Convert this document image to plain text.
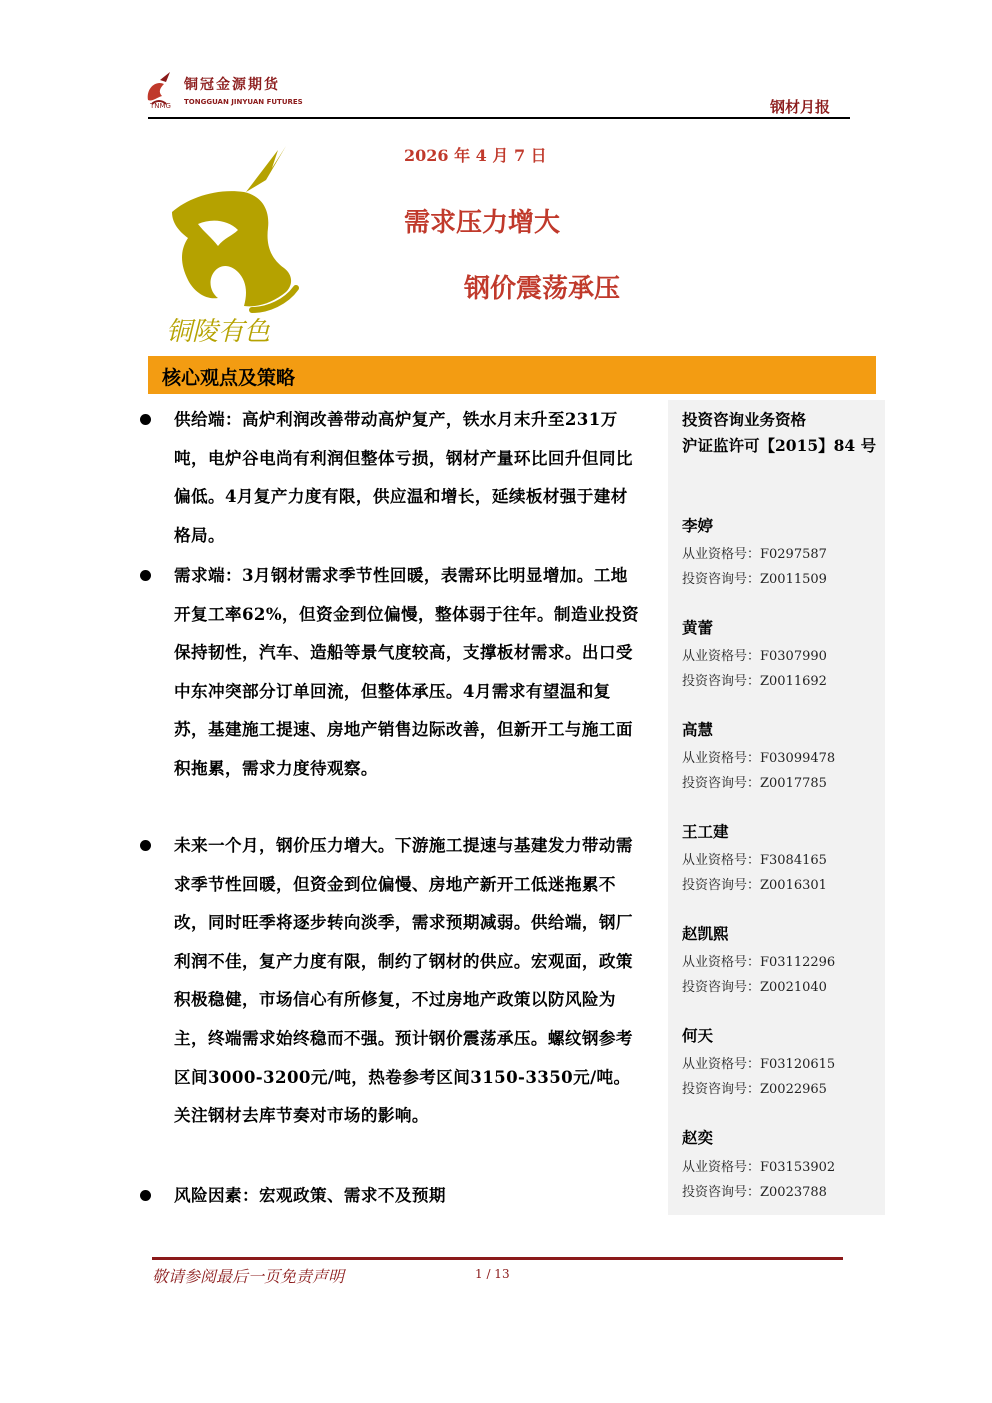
铜冠金源期货
TONGGUAN JINYUAN FUTURES
TNMG	钢材月报
铜陵有色
2026 年 4 月 7 日
需求压力增大
钢价震荡承压
核心观点及策略
供给端：高炉利润改善带动高炉复产，铁水月末升至231万吨，电炉谷电尚有利润但整体亏损，钢材产量环比回升但同比偏低。4月复产力度有限，供应温和增长，延续板材强于建材格局。
需求端：3月钢材需求季节性回暖，表需环比明显增加。工地开复工率62%，但资金到位偏慢，整体弱于往年。制造业投资保持韧性，汽车、造船等景气度较高，支撑板材需求。出口受中东冲突部分订单回流，但整体承压。4月需求有望温和复苏，基建施工提速、房地产销售边际改善，但新开工与施工面积拖累，需求力度待观察。
未来一个月，钢价压力增大。下游施工提速与基建发力带动需求季节性回暖，但资金到位偏慢、房地产新开工低迷拖累不改，同时旺季将逐步转向淡季，需求预期减弱。供给端，钢厂利润不佳，复产力度有限，制约了钢材的供应。宏观面，政策积极稳健，市场信心有所修复，不过房地产政策以防风险为主，终端需求始终稳而不强。预计钢价震荡承压。螺纹钢参考区间3000-3200元/吨，热卷参考区间3150-3350元/吨。关注钢材去库节奏对市场的影响。
风险因素：宏观政策、需求不及预期
投资咨询业务资格
沪证监许可【2015】84 号
李婷
从业资格号：F0297587
投资咨询号：Z0011509
黄蕾
从业资格号：F0307990
投资咨询号：Z0011692
高慧
从业资格号：F03099478
投资咨询号：Z0017785
王工建
从业资格号：F3084165
投资咨询号：Z0016301
赵凯熙
从业资格号：F03112296
投资咨询号：Z0021040
何天
从业资格号：F03120615
投资咨询号：Z0022965
赵奕
从业资格号：F03153902
投资咨询号：Z0023788
敬请参阅最后一页免责声明	1 / 13
